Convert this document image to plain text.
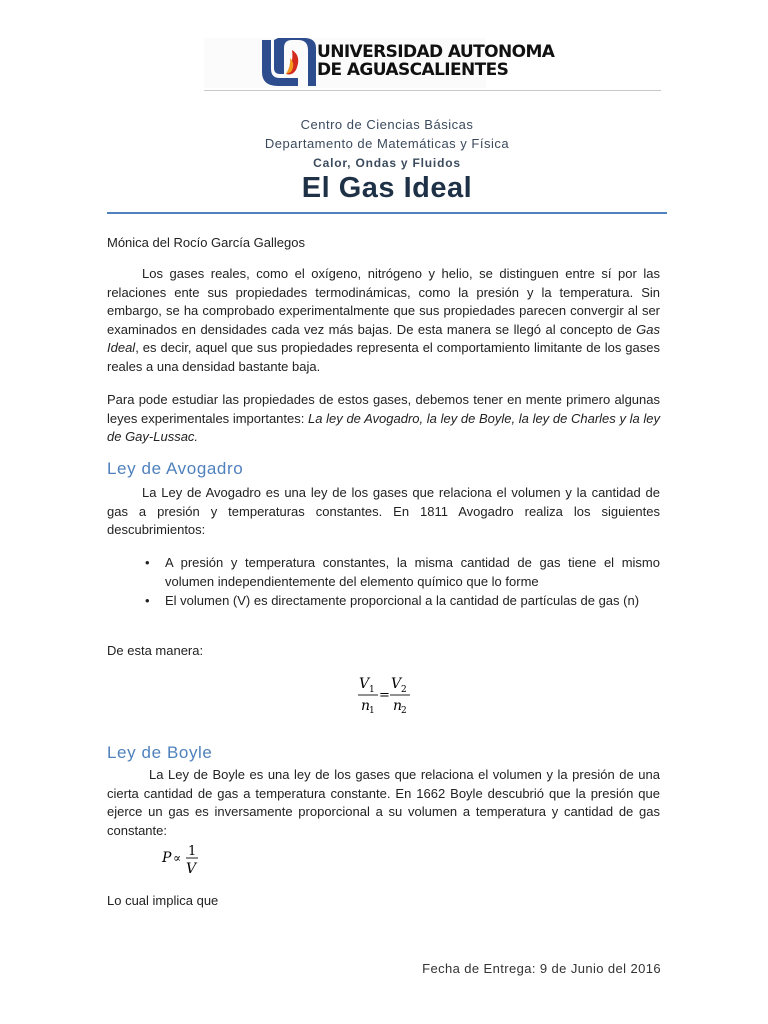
UNIVERSIDAD AUTONOMA
DE AGUASCALIENTES
Centro de Ciencias Básicas
Departamento de Matemáticas y Física
Calor, Ondas y Fluidos
El Gas Ideal

Mónica del Rocío García Gallegos

Los gases reales, como el oxígeno, nitrógeno y helio, se distinguen entre sí por las relaciones ente sus propiedades termodinámicas, como la presión y la temperatura. Sin embargo, se ha comprobado experimentalmente que sus propiedades parecen convergir al ser examinados en densidades cada vez más bajas. De esta manera se llegó al concepto de Gas Ideal, es decir, aquel que sus propiedades representa el comportamiento limitante de los gases reales a una densidad bastante baja.

Para pode estudiar las propiedades de estos gases, debemos tener en mente primero algunas leyes experimentales importantes: La ley de Avogadro, la ley de Boyle, la ley de Charles y la ley de Gay-Lussac.

Ley de Avogadro

La Ley de Avogadro es una ley de los gases que relaciona el volumen y la cantidad de gas a presión y temperaturas constantes. En 1811 Avogadro realiza los siguientes descubrimientos:

• A presión y temperatura constantes, la misma cantidad de gas tiene el mismo volumen independientemente del elemento químico que lo forme
• El volumen (V) es directamente proporcional a la cantidad de partículas de gas (n)

De esta manera:

V 1
n
1
=
V 2
n
2
Ley de Boyle

La Ley de Boyle es una ley de los gases que relaciona el volumen y la presión de una cierta cantidad de gas a temperatura constante. En 1662 Boyle descubrió que la presión que ejerce un gas es inversamente proporcional a su volumen a temperatura y cantidad de gas constante:

P ∝ 1
V

Lo cual implica que

Fecha de Entrega: 9 de Junio del 2016
